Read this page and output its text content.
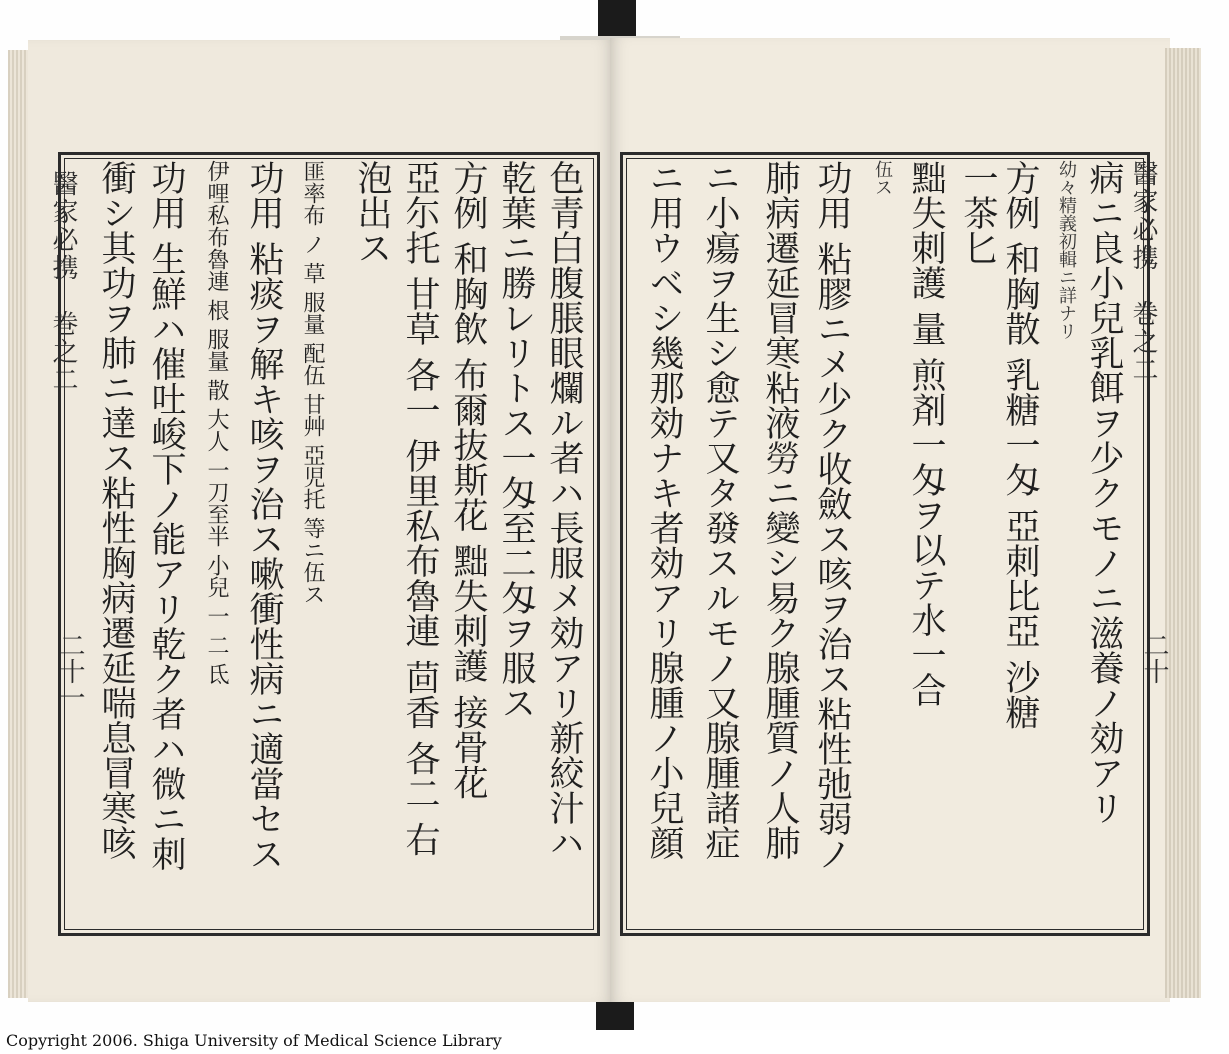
醫家必携　巻之二	醫家必携　巻之二
二十一	二十
病ニ良小兒乳餌ヲ少クモノニ滋養ノ効アリ
幼々精義初輯ニ詳ナリ
方例 和胸散 乳糖一匁 亞刺比亞 沙糖
一茶匕
黜失刺護 量 煎剤一匁ヲ以テ水一合
伍ス
功用 粘膠ニメ少ク收斂ス咳ヲ治ス粘性弛弱ノ
肺病遷延冒寒粘液勞ニ變シ易ク腺腫質ノ人肺
ニ小瘍ヲ生シ愈テ又タ發スルモノ又腺腫諸症
ニ用ウベシ幾那効ナキ者効アリ腺腫ノ小兒顔
色青白腹脹眼爛ル者ハ長服メ効アリ新絞汁ハ
乾葉ニ勝レリトス一匁至二匁ヲ服ス
方例 和胸飲 布爾抜斯花 黜失刺護 接骨花
亞尓托 甘草 各一 伊里私布魯連 茴香 各二 右
泡出ス
匪率布 ノ 草 服量 配伍 甘艸 亞児托 等ニ伍ス
功用 粘痰ヲ解キ咳ヲ治ス嗽衝性病ニ適當セス
伊哩私布魯連 根 服量 散 大人 一刀至半 小兒 一 二 氐
功用 生鮮ハ催吐峻下ノ能アリ乾ク者ハ微ニ刺
衝シ其功ヲ肺ニ達ス粘性胸病遷延喘息冒寒咳
Copyright 2006. Shiga University of Medical Science Library
